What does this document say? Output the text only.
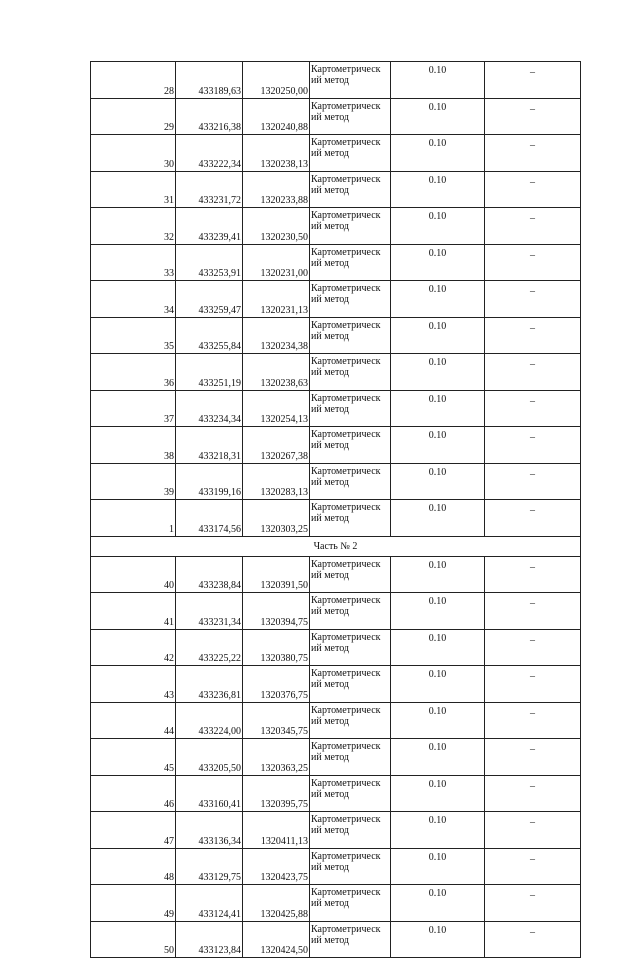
28	433189,63	1320250,00	Картометрическ
ий метод	0.10	–
29	433216,38	1320240,88	Картометрическ
ий метод	0.10	–
30	433222,34	1320238,13	Картометрическ
ий метод	0.10	–
31	433231,72	1320233,88	Картометрическ
ий метод	0.10	–
32	433239,41	1320230,50	Картометрическ
ий метод	0.10	–
33	433253,91	1320231,00	Картометрическ
ий метод	0.10	–
34	433259,47	1320231,13	Картометрическ
ий метод	0.10	–
35	433255,84	1320234,38	Картометрическ
ий метод	0.10	–
36	433251,19	1320238,63	Картометрическ
ий метод	0.10	–
37	433234,34	1320254,13	Картометрическ
ий метод	0.10	–
38	433218,31	1320267,38	Картометрическ
ий метод	0.10	–
39	433199,16	1320283,13	Картометрическ
ий метод	0.10	–
1	433174,56	1320303,25	Картометрическ
ий метод	0.10	–
Часть № 2					
40	433238,84	1320391,50	Картометрическ
ий метод	0.10	–
41	433231,34	1320394,75	Картометрическ
ий метод	0.10	–
42	433225,22	1320380,75	Картометрическ
ий метод	0.10	–
43	433236,81	1320376,75	Картометрическ
ий метод	0.10	–
44	433224,00	1320345,75	Картометрическ
ий метод	0.10	–
45	433205,50	1320363,25	Картометрическ
ий метод	0.10	–
46	433160,41	1320395,75	Картометрическ
ий метод	0.10	–
47	433136,34	1320411,13	Картометрическ
ий метод	0.10	–
48	433129,75	1320423,75	Картометрическ
ий метод	0.10	–
49	433124,41	1320425,88	Картометрическ
ий метод	0.10	–
50	433123,84	1320424,50	Картометрическ
ий метод	0.10	–
